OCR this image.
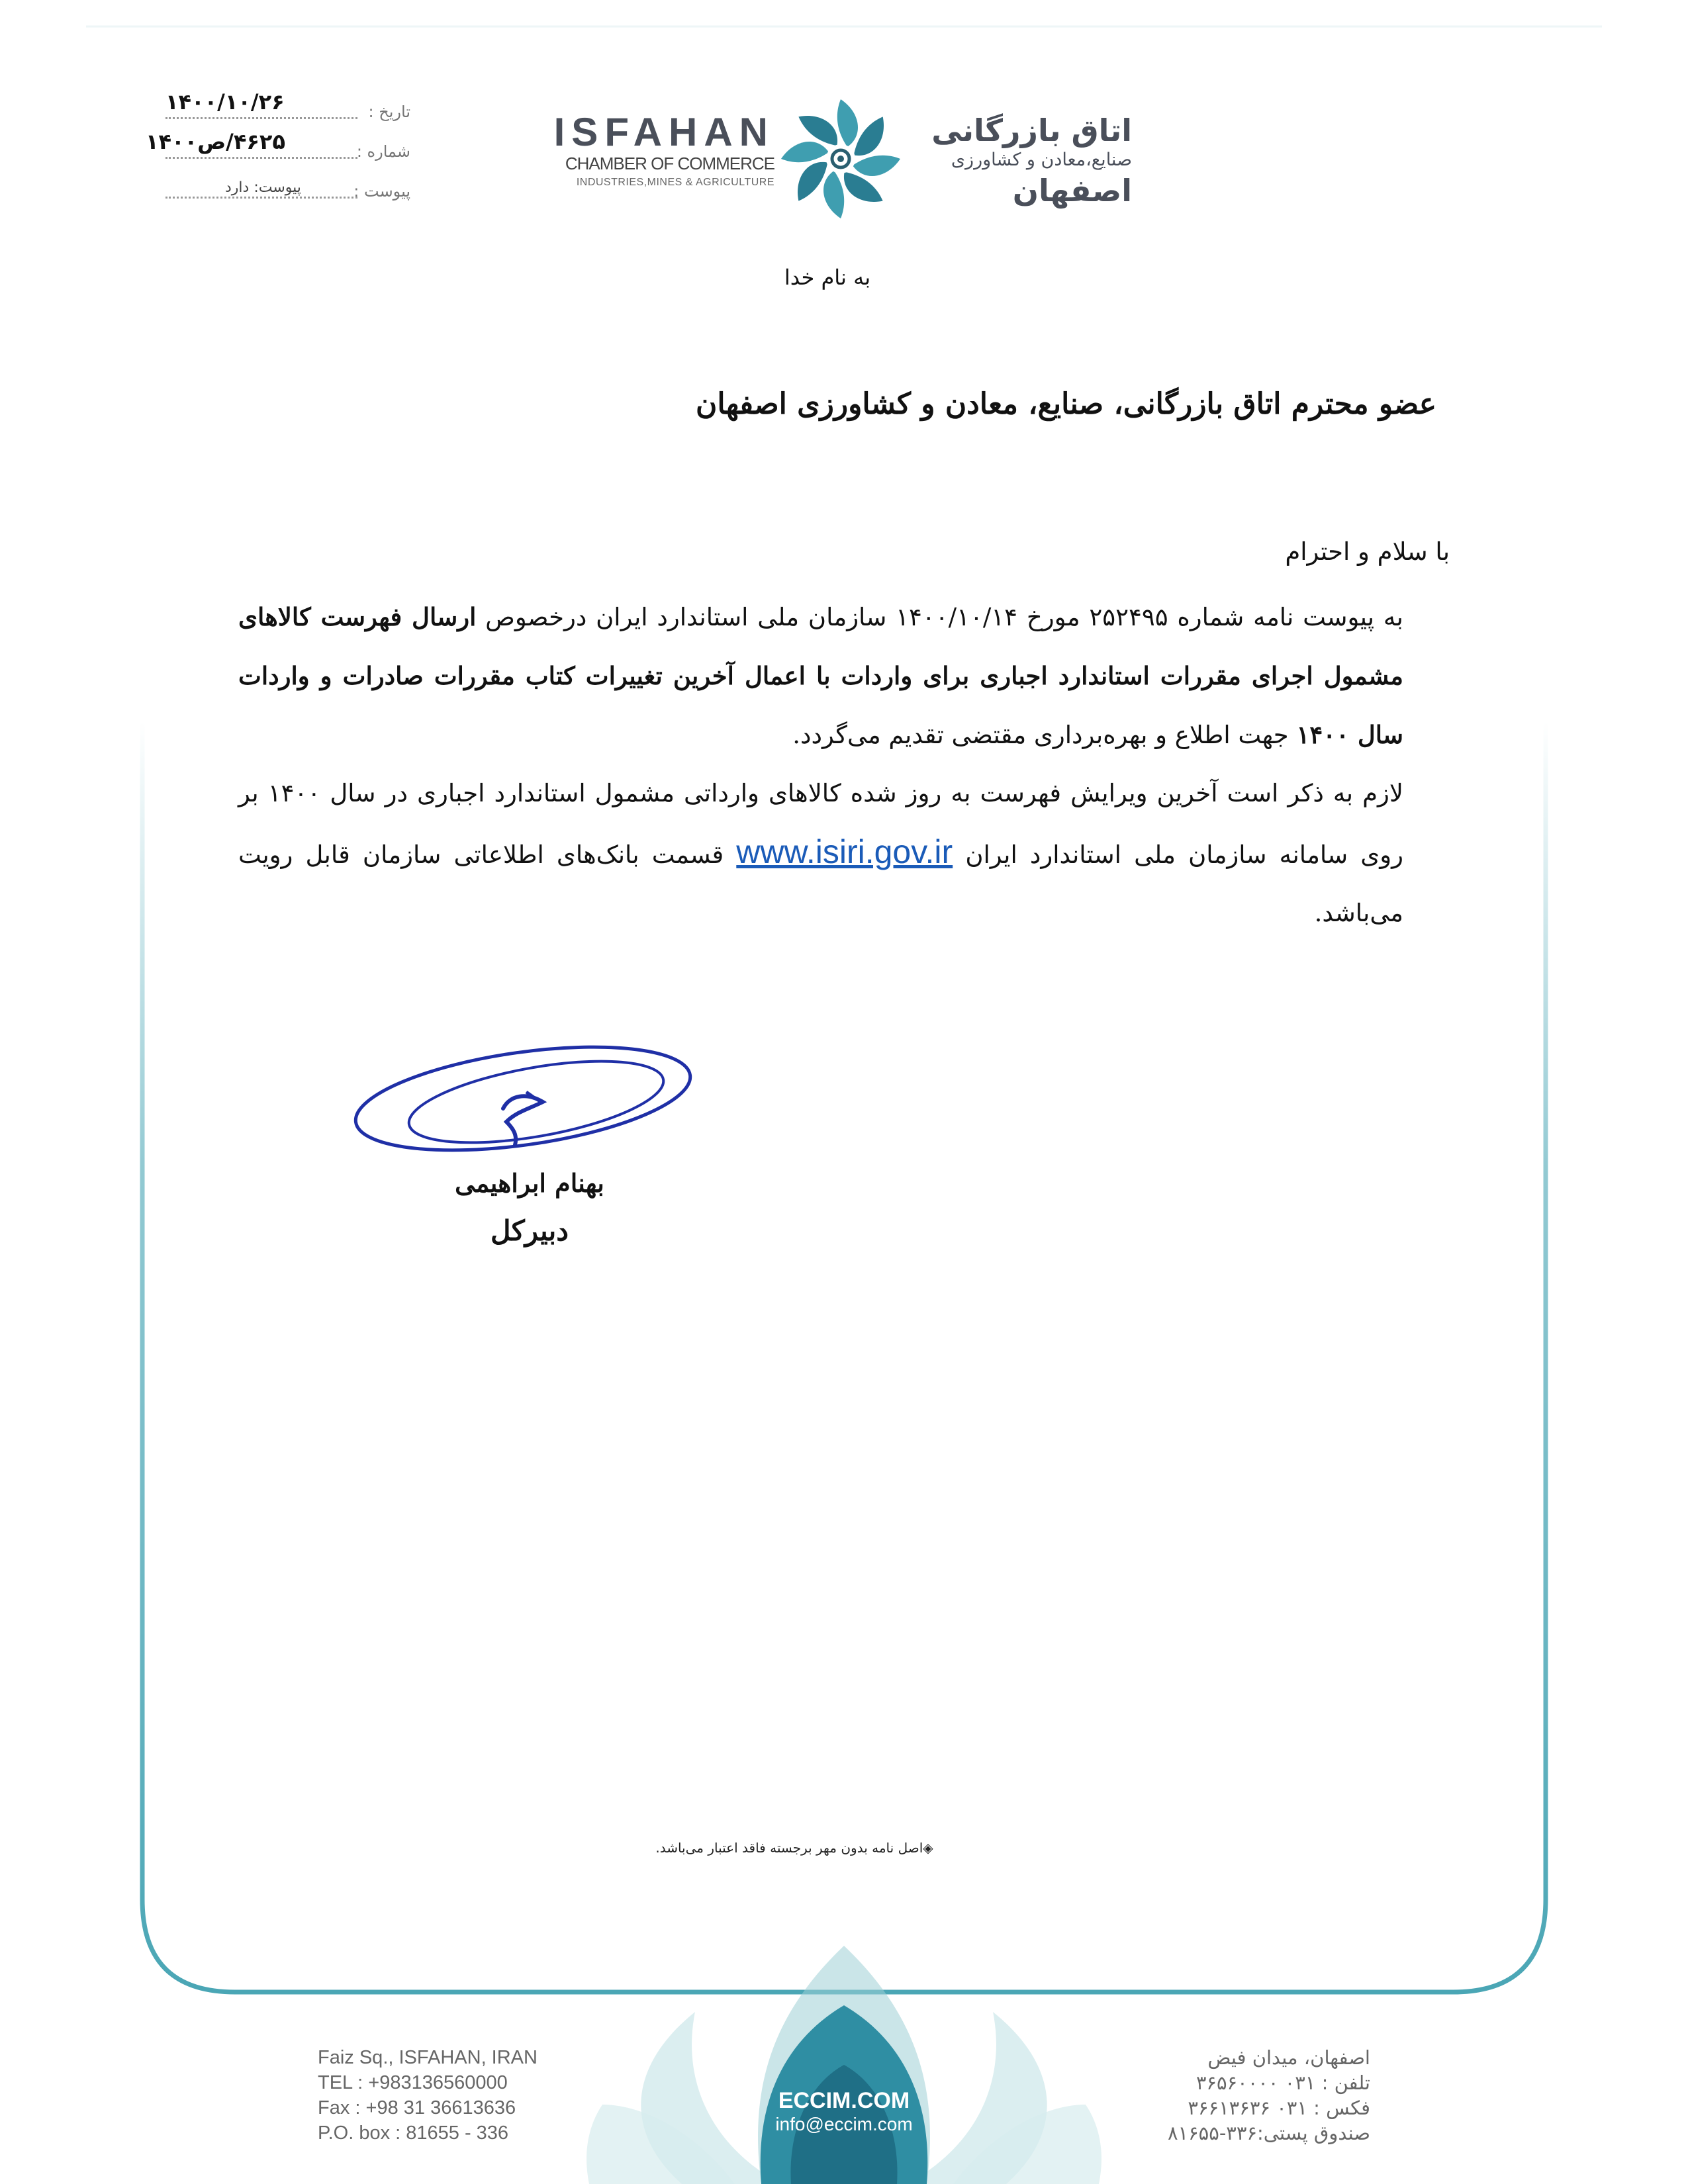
تاریخ :
۱۴۰۰/۱۰/۲۶
شماره :
۴۶۲۵/ص۱۴۰۰
پیوست :
پیوست: دارد
ISFAHAN
CHAMBER OF COMMERCE
INDUSTRIES,MINES & AGRICULTURE
اتاق بازرگانی
صنایع،معادن و کشاورزی
اصفهان
به نام خدا
عضو محترم اتاق بازرگانی، صنایع، معادن و کشاورزی اصفهان

با سلام و احترام

به پیوست نامه شماره ۲۵۲۴۹۵ مورخ ۱۴۰۰/۱۰/۱۴ سازمان ملی استاندارد ایران درخصوص ارسال فهرست کالاهای مشمول اجرای مقررات استاندارد اجباری برای واردات با اعمال آخرین تغییرات کتاب مقررات صادرات و واردات سال ۱۴۰۰ جهت اطلاع و بهره‌برداری مقتضی تقدیم می‌گردد.

لازم به ذکر است آخرین ویرایش فهرست به روز شده کالاهای وارداتی مشمول استاندارد اجباری در سال ۱۴۰۰ بر روی سامانه سازمان ملی استاندارد ایران www.isiri.gov.ir قسمت بانک‌های اطلاعاتی سازمان قابل رویت می‌باشد.

بهنام ابراهیمی
دبیرکل
◈اصل نامه بدون مهر برجسته فاقد اعتبار می‌باشد.
Faiz Sq., ISFAHAN, IRAN
TEL : +983136560000
Fax : +98 31 36613636
P.O. box : 81655 - 336
ECCIM.COM
info@eccim.com
اصفهان، میدان فیض
تلفن : ۰۳۱ ۳۶۵۶۰۰۰۰
فکس : ۰۳۱ ۳۶۶۱۳۶۳۶
صندوق پستی:۳۳۶-۸۱۶۵۵
